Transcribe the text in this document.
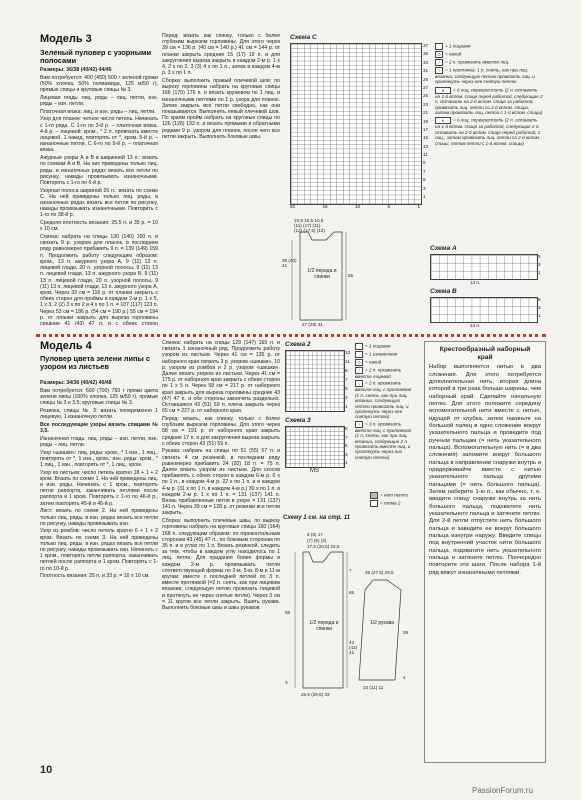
Модель 3
Зеленый пуловер с узорными полосами

Размеры: 36/38 (40/42) 44/46

Вам потребуется: 400 (450) 500 г зеленой пряжи (50% хлопка, 50% полиамида, 125 м/50 г), прямые спицы и круговые спицы № 3.

Лицевая гладь: лиц. ряды – лиц. петли, изн. ряды – изн. петли.

Платочная вязка: лиц. и изн. ряды – лиц. петли.

Узор для планок: четное число петель. Начинать с 1-го ряда. С 1-го по 3-й р. – платочная вязка. 4-й р. – лицевой: кром., * 2 п. провязать вместе лицевой, 1 накид, повторять от *, кром. 5-й р. – изнаночные петли. С 6-го по 9-й р. – платочная вязка.

Ажурные узоры А и В в ширинной 13 п.: вязать по схемам А и В. На них приведены только лиц. ряды, в изнаночных рядах вязать все петли по рисунку, накиды провязывать изнаночными. Повторять с 1-го по 6-й р.

Узорная полоса шириной 20 п.: вязать по схеме С. На ней приведены только лиц. ряды, в изнаночных рядах вязать все петли по рисунку, накиды провязывать изнаночными. Повторить с 1-го по 38-й р.

Средняя плотность вязания: 25,5 п. и 35 р. = 10 х 10 см.

Спинка: набрать на спицы 130 (140) 150 п. и связать 9 р. узором для планок, в последнем ряду равномерно прибавить 9 п. = 139 (149) 159 п. Продолжить работу следующим образом: кром., 13 п. ажурного узора А, 9 (11) 13 п. лицевой глади, 20 п. узорной полосы, 9 (11) 13 п. лицевой глади, 13 п. ажурного узора В, 9 (11) 13 п. лицевой глади, 20 п. узорной полосы, 9 (11) 13 п. лицевой глади, 13 п. ажурного узора А, кром. Через 33 см = 116 р. от планки закрыть с обеих сторон для проймы в каждом 2-м р. 1 х 5, 1 х 3, 2 (2) 3 х по 2 и 4 х по 1 п. = 107 (117) 123 п. Через 53 см = 186 р. (54 см = 190 р.) 55 см = 194 р. от планки закрыть для выреза горловины средние 41 (43) 47 п. и с обеих сторон

Перед: вязать как спинку, только с более глубоким вырезом горловины. Для этого через 39 см = 136 р. (40 см = 140 р.) 41 см = 144 р. от планки закрыть средние 15 (17) 19 п. и для закругления выреза закрыть в каждом 2-м р. 1 х 4, 2 х по 2, 3 (3) 4 х по 1 п., затем в каждом 4-м р. 3 х по 1 п.

Сборка: выполнить правый плечевой шов; по вырезу горловины набрать на круговые спицы 166 (170) 176 п. и вязать кружевом по 1 лиц. и изнаночными петлями по 1 р. узора для планок. Затем закрыть все петли свободно, как они показываются. Выполнить левый плечевой шов. По краям пройм набрать на круговые спицы по 126 (126) 132 п. и вязать прямыми и обратными рядами 9 р. узором для планок, после чего все петли закрыть. Выполнить боковые швы.

10,5 15,5 10,5
(11) (17) (11)
(12) (17,5) (12)
39 (40) 41
1/2 переда и спинки
27 (29) 31
55
Схема С
37
35
33
31
29
27
25
23
21
19
17
15
13
11
9
7
5
3
1
20	15	10	5	1
= 1 лицевая
O = накид
/ = 2 п. провязать вместе лиц.
\ = 1 протяжка: 1 п. снять, как при лиц. вязании, следующую петлю провязать лиц. и протянуть через нее снятую петлю
6 = 6 лиц. перекрестить (2 п. оставить на 1-й вспом. спице перед работой, следующие 2 п. оставить на 2-й вспом. спице за работой, провязать лиц. петли со 2-й вспом. спицы, затем провязать лиц. петли с 1-й вспом. спицы)
6 = 6 лиц. перекрестить (2 п. оставить на 1-й вспом. спице за работой, следующие 2 п. оставить на 2-й вспом. спице перед работой, 2 лиц., затем провязать лиц. петли со 2-й вспом. спицы, потом петли с 1-й вспом. спицы)
Схема А
5
3
1
13 п.
Схема В
5
3
1
13 п.
Модель 4
Пуловер цвета зелени липы с узором из листьев

Размеры: 34/36 (40/42) 46/48

Вам потребуется: 600 (700) 750 г пряжи цвета зелени липы (100% хлопка, 125 м/50 г), прямые спицы № 3 и 3,5; круговые спицы № 3.

Резинка, спицы № 3: вязать попеременно 1 лицевую, 1 изнаночную петли.

Все последующие узоры вязать спицами № 3,5.

Изнаночная гладь: лиц. ряды – изн. петли, изн. ряды – лиц. петли.

Узор «шишки»: лиц. ряды: кром., * 1 изн., 1 лиц., повторять от *, 1 изн., кром.; изн. ряды: кром., * 1 лиц., 1 изн., повторять от *, 1 лиц., кром.

Узор из листьев: число петель кратно 18 + 1 + 2 кром. Вязать по схеме 1. На ней приведены лиц. и изн. ряды. Начинать с 1 кром., повторять петли раппорта, заканчивать петлями после раппорта и 1 кром. Повторять с 1-го по 46-й р., затем повторять 45-й и 46-й р.

Лист: вязать по схеме 2. На ней приведены только лиц. ряды, в изн. рядах вязать все петли по рисунку, накиды провязывать изн.

Узор из ромбов: число петель кратно 6 + 1 + 2 кром. Вязать по схеме 3. На ней приведены только лиц. ряды, в изн. рядах вязать все петли по рисунку, накиды провязывать изн. Начинать с 1 кром., повторять петли раппорта, заканчивать петлей после раппорта и 1 кром. Повторять с 1-го по 10-й р.

Плотность вязания: 25 п. и 33 р. = 10 х 10 см.

Спинка: набрать на спицы 129 (147) 165 п. и связать 1 изнаночный ряд. Продолжить работу узором из листьев. Через 41 см = 135 р. от наборного края связать 3 р. узором «шишки», 10 р. узором из ромбов и 2 р. узором «шишки». Далее вязать узором из листьев. Через 41 см = 175 р. от наборного края закрыть с обеих сторон по 1 х 5 п. Через 58 см = 217 р. от наборного края закрыть для выреза горловины средние 43 (47) 47 п. и обе стороны закончить раздельно. Оставшиеся 43 (51) 59 п. плеча закрыть через 65 см = 227 р. от наборного края.

Перед: вязать, как спинку, только с более глубоким вырезом горловины. Для этого через 58 см = 191 р. от наборного края закрыть средние 17 п. и для закругления выреза закрыть с обеих сторон 43 (51) 59 п.

Рукава: набрать на спицы по 51 (55) 57 п. и связать 4 см резинкой, в последнем ряду равномерно прибавить 24 (20) 18 п. = 75 п. Далее вязать узором из листьев. Для скосов прибавлять с обеих сторон в каждом 6-м р. 6 х по 1 п., в каждом 4-м р. 22 х по 1 п. и в каждом 4-м р. (31 х по 1 п. в каждом 4-м р.) 30 х по 1 п. в каждом 2-м р. 1 х по 1 п. = 131 (137) 141 п. Вновь прибавленные петли в узоре = 131 (137) 141 п. Через 39 см = 128 р. от резинки все петли закрыть.

Сборка: выполнить плечевые швы, по вырезу горловины набрать на круговые спицы 160 (164) 168 п. следующим образом: по горизонтальным сторонам 43 (45) 47 п., по боковым сторонам по 35 п. и в углах по 1 п. Вязать резинкой, следить за тем, чтобы в каждом углу находилось по 1 лиц. петле. Для придания более формы в каждом 2-м р. провязывать петли соответствующей формы по 2-м, 5-м, 8-м и 11-м кругам: вместе с последней петлей по 3 п. вместе протяжкой (=2 п. снять, как при лицевом вязании, следующую петлю провязать лицевой и протянуть ее через снятые петли). Через 3 см = 11 кругов все петли закрыть. Вшить рукава. Выполнить боковые швы и швы рукавов.

Схема 2
13
11
9
7
5
3
1
= 1 лицевая
- = 1 изнаночная
O = накид
/ = 2 п. провязать вместе лицевой
\ = 2 п. провязать вместе лиц. с протяжкой (1 п. снять, как при лиц. вязании, следующую петлю провязать лиц. и протянуть через нее снятую петлю)
* = 3 п. провязать вместе лиц. с протяжкой (1 п. снять, как при лиц. вязании, следующие 2 п. провязать вместе лиц. и протянуть через них снятую петлю)
Схема 3
9
7
5
3
1
MS
= нет петли
= схема 2
Схему 1 см. на стр. 11
8 (6) 17
(7) (8) (3)
17,5 (20,5) 23,5
65
58
7
1/2 переда и спинки
1/2 рукава
43 (42) 41
39
4
3
26 (27,5) 28,5
25,5 (29,5) 33
10 (11) 11
Крестообразный наборный край
Набор выполняется нитью в два сложения. Для этого потребуется дополнительная нить, вторая длина которой в три раза больше ширины, чем наборный край. Сделайте начальную петлю. Для этого положите середину вспомогательной нити вместе с нитью, идущей от клубка, затем накиньте на большой палец в одно сложение вокруг указательного пальца и проведите под ручным пальцам (= нить указательного пальца). Вспомогательную нить (= в два сложения) заложите вокруг большого пальца в направлении снаружи внутрь и придерживайте вместе с нитью указательного пальца другими пальцами (= нить большого пальца). Затем наберите 1-ю п., как обычно, т. е. введите спицу снаружи внутрь за нить большого пальца, подхватите нить указательного пальца и затяните петлю. Для 2-й петли отпустите нить большого пальца и заведите ее вокруг большого пальца изнутри наружу. Введите спицы под внутренний участок нити большого пальца, подхватите нить указательного пальца и затяните петлю. Поочередно повторите эти шаги. После набора 1-й ряд вяжут изнаночными петлями.
10
PassionForum.ru
